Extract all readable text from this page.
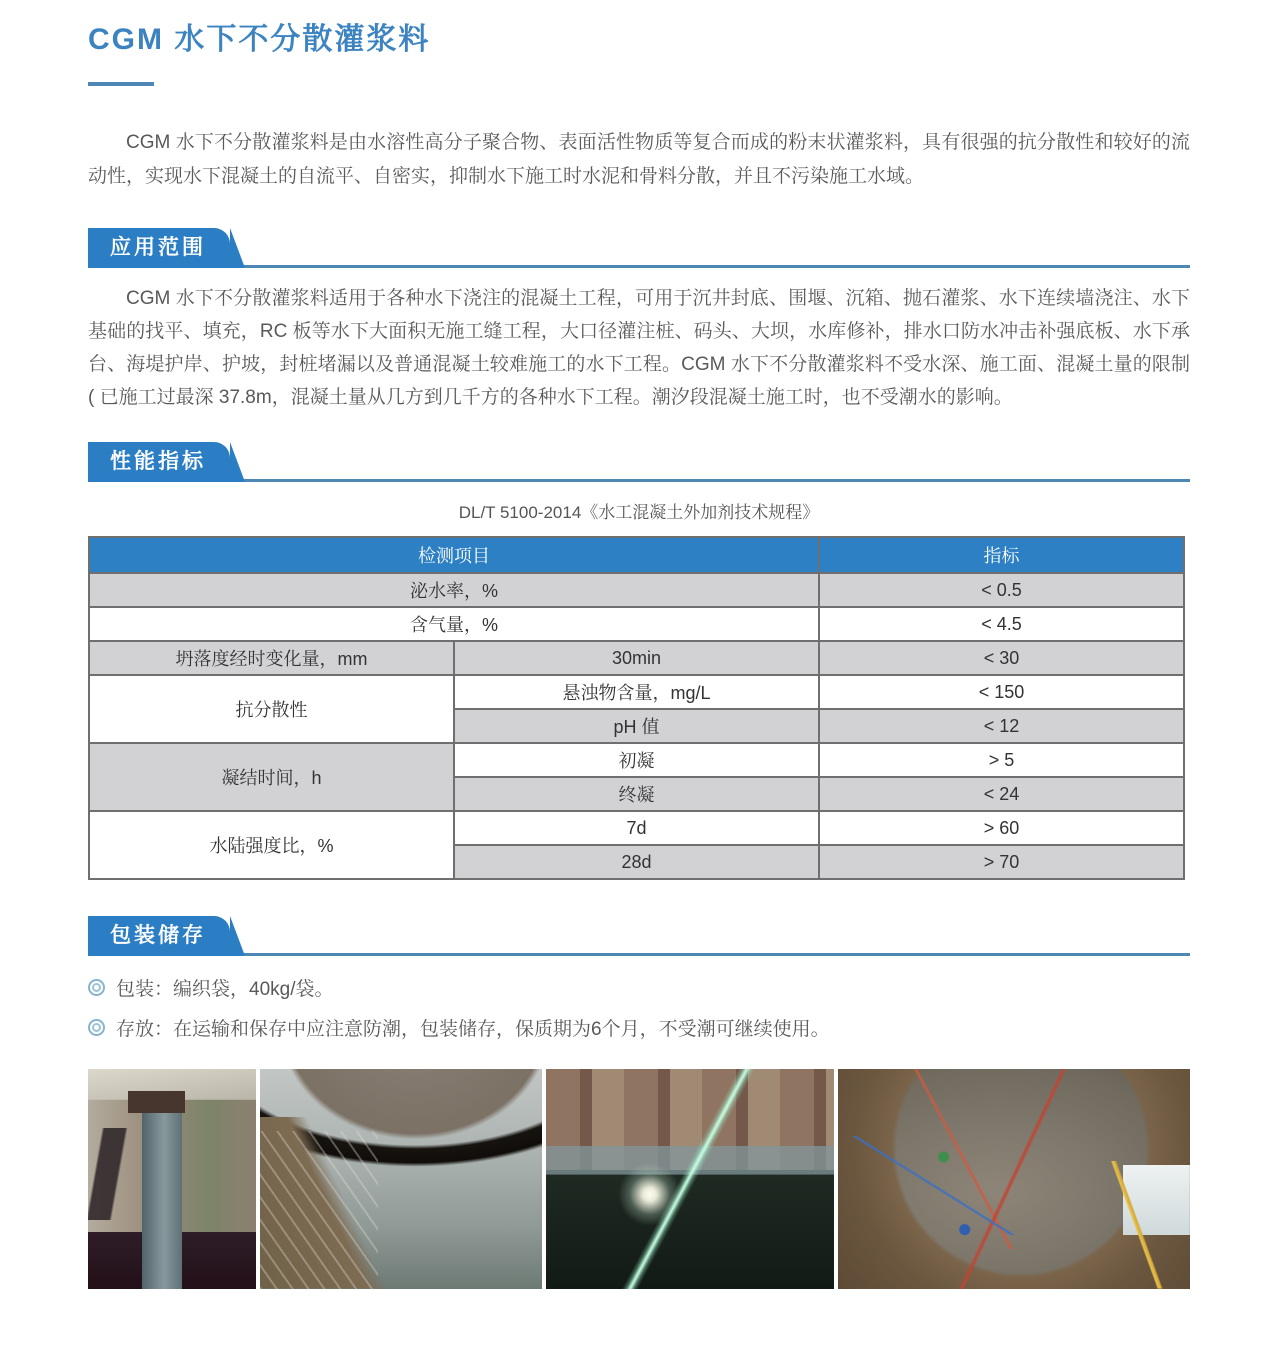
CGM 水下不分散灌浆料

CGM 水下不分散灌浆料是由水溶性高分子聚合物、表面活性物质等复合而成的粉末状灌浆料，具有很强的抗分散性和较好的流动性，实现水下混凝土的自流平、自密实，抑制水下施工时水泥和骨料分散，并且不污染施工水域。

应用范围

CGM 水下不分散灌浆料适用于各种水下浇注的混凝土工程，可用于沉井封底、围堰、沉箱、抛石灌浆、水下连续墙浇注、水下基础的找平、填充，RC 板等水下大面积无施工缝工程，大口径灌注桩、码头、大坝，水库修补，排水口防水冲击补强底板、水下承台、海堤护岸、护坡，封桩堵漏以及普通混凝土较难施工的水下工程。CGM 水下不分散灌浆料不受水深、施工面、混凝土量的限制 ( 已施工过最深 37.8m，混凝土量从几方到几千方的各种水下工程。潮汐段混凝土施工时，也不受潮水的影响。

性能指标
DL/T 5100-2014《水工混凝土外加剂技术规程》
检测项目		指标
泌水率，%		< 0.5
含气量，%		< 4.5
坍落度经时变化量，mm	30min	< 30
抗分散性	悬浊物含量，mg/L	< 150
	pH 值	< 12
凝结时间，h	初凝	> 5
	终凝	< 24
水陆强度比，%	7d	> 60
	28d	> 70
包装储存
包装：编织袋，40kg/袋。
存放：在运输和保存中应注意防潮，包装储存，保质期为6个月，不受潮可继续使用。
